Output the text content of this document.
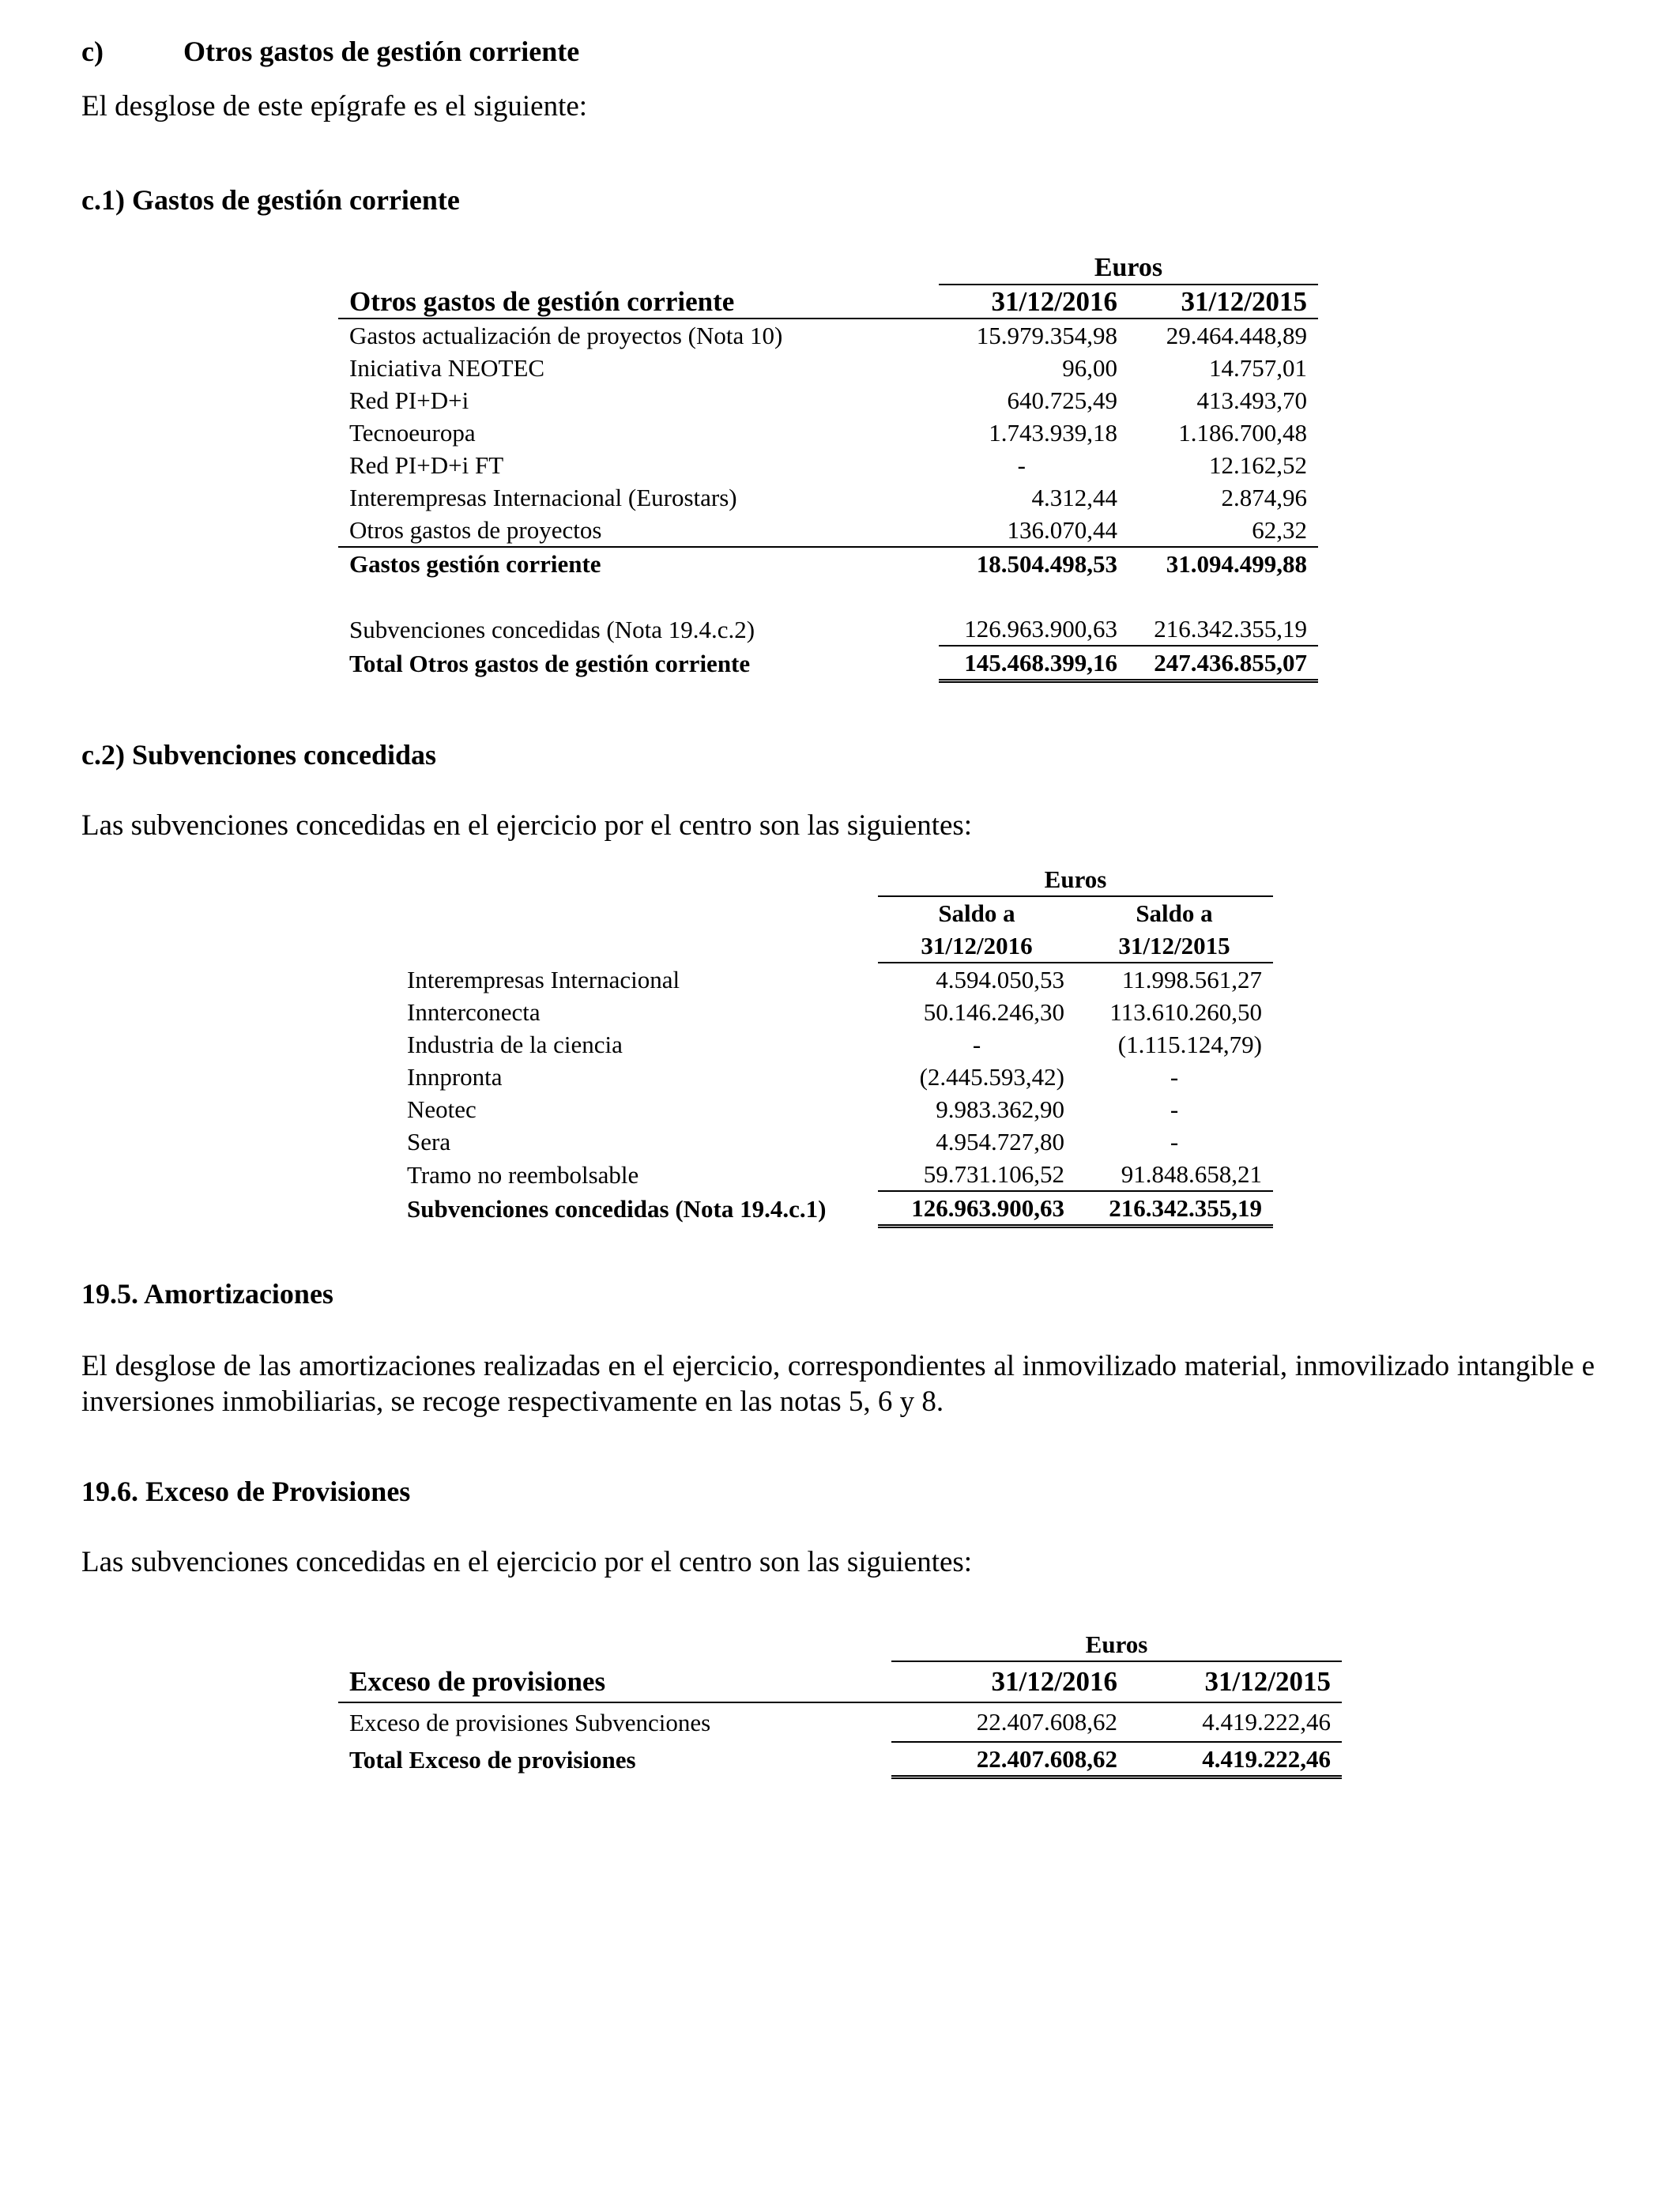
c)	Otros gastos de gestión corriente
El desglose de este epígrafe es el siguiente:
c.1) Gastos de gestión corriente
	Euros	
Otros gastos de gestión corriente	31/12/2016	31/12/2015
Gastos actualización de proyectos (Nota 10)	15.979.354,98	29.464.448,89
Iniciativa NEOTEC	96,00	14.757,01
Red PI+D+i	640.725,49	413.493,70
Tecnoeuropa	1.743.939,18	1.186.700,48
Red PI+D+i FT	-	12.162,52
Interempresas Internacional (Eurostars)	4.312,44	2.874,96
Otros gastos de proyectos	136.070,44	62,32
Gastos gestión corriente	18.504.498,53	31.094.499,88

Subvenciones concedidas (Nota 19.4.c.2)	126.963.900,63	216.342.355,19
Total Otros gastos de gestión corriente	145.468.399,16	247.436.855,07
c.2) Subvenciones concedidas
Las subvenciones concedidas en el ejercicio por el centro son las siguientes:
	Euros	
	Saldo a	Saldo a
	31/12/2016	31/12/2015
Interempresas Internacional	4.594.050,53	11.998.561,27
Innterconecta	50.146.246,30	113.610.260,50
Industria de la ciencia	-	(1.115.124,79)
Innpronta	(2.445.593,42)	-
Neotec	9.983.362,90	-
Sera	4.954.727,80	-
Tramo no reembolsable	59.731.106,52	91.848.658,21
Subvenciones concedidas (Nota 19.4.c.1)	126.963.900,63	216.342.355,19
19.5. Amortizaciones
El desglose de las amortizaciones realizadas en el ejercicio, correspondientes al inmovilizado material, inmovilizado intangible e inversiones inmobiliarias, se recoge respectivamente en las notas 5, 6 y 8.
19.6. Exceso de Provisiones
Las subvenciones concedidas en el ejercicio por el centro son las siguientes:
	Euros	
Exceso de provisiones	31/12/2016	31/12/2015
Exceso de provisiones Subvenciones	22.407.608,62	4.419.222,46
Total Exceso de provisiones	22.407.608,62	4.419.222,46
